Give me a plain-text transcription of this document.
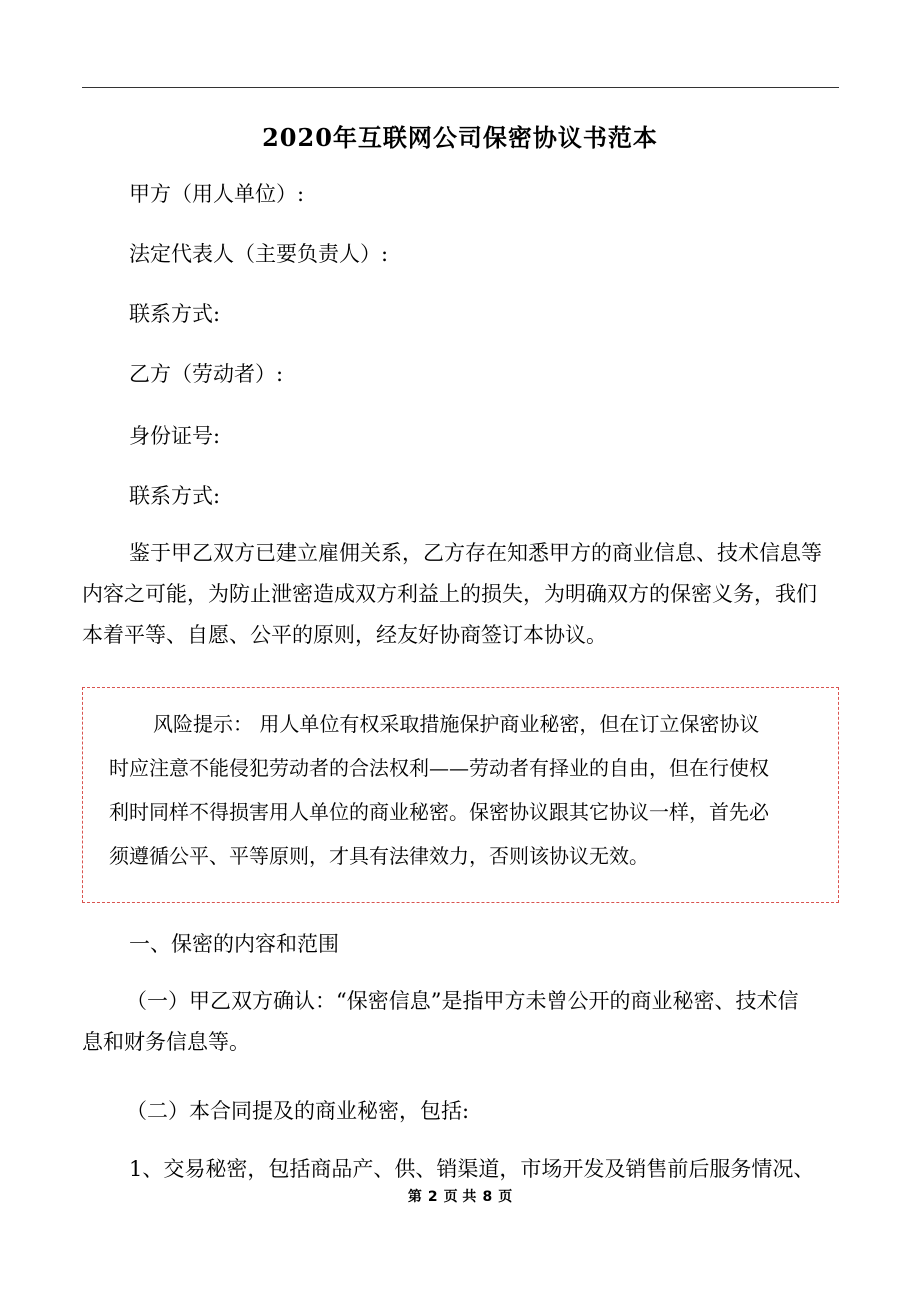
2020年互联网公司保密协议书范本
甲方（用人单位）:
法定代表人（主要负责人）:
联系方式:
乙方（劳动者）:
身份证号:
联系方式:
鉴于甲乙双方已建立雇佣关系，乙方存在知悉甲方的商业信息、技术信息等
内容之可能，为防止泄密造成双方利益上的损失，为明确双方的保密义务，我们
本着平等、自愿、公平的原则，经友好协商签订本协议。
风险提示： 用人单位有权采取措施保护商业秘密，但在订立保密协议
时应注意不能侵犯劳动者的合法权利——劳动者有择业的自由，但在行使权
利时同样不得损害用人单位的商业秘密。保密协议跟其它协议一样，首先必
须遵循公平、平等原则，才具有法律效力，否则该协议无效。
一、保密的内容和范围
（一）甲乙双方确认：“保密信息”是指甲方未曾公开的商业秘密、技术信
息和财务信息等。
（二）本合同提及的商业秘密，包括:
1、交易秘密，包括商品产、供、销渠道，市场开发及销售前后服务情况、
第 2 页 共 8 页
